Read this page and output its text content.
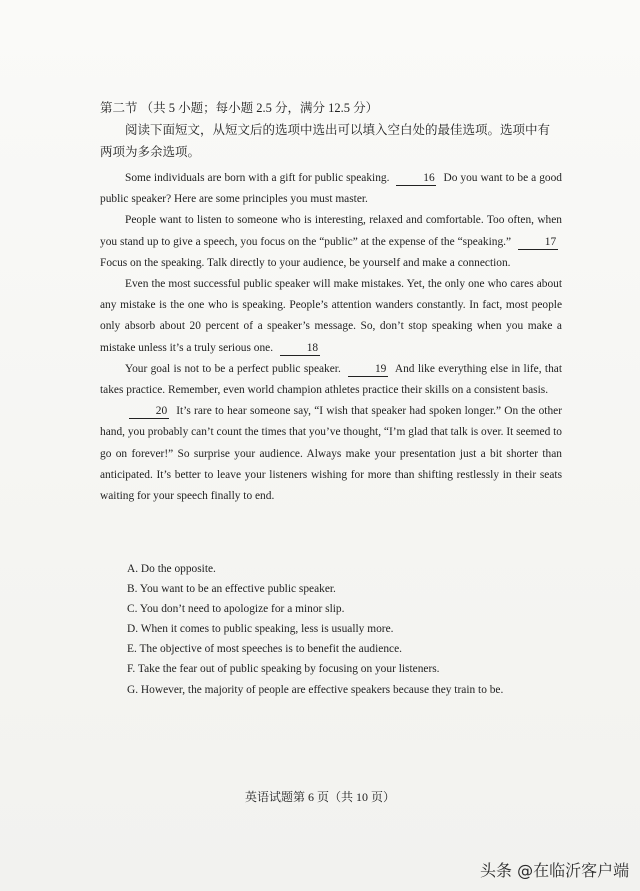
第二节 （共 5 小题；每小题 2.5 分，满分 12.5 分）

阅读下面短文，从短文后的选项中选出可以填入空白处的最佳选项。选项中有两项为多余选项。

Some individuals are born with a gift for public speaking.	16 Do you want to be a good public speaker? Here are some principles you must master.

People want to listen to someone who is interesting, relaxed and comfortable. Too often, when you stand up to give a speech, you focus on the “public” at the expense of the “speaking.”	17 Focus on the speaking. Talk directly to your audience, be yourself and make a connection.

Even the most successful public speaker will make mistakes. Yet, the only one who cares about any mistake is the one who is speaking. People’s attention wanders constantly. In fact, most people only absorb about 20 percent of a speaker’s message. So, don’t stop speaking when you make a mistake unless it’s a truly serious one.	18

Your goal is not to be a perfect public speaker.	19 And like everything else in life, that takes practice. Remember, even world champion athletes practice their skills on a consistent basis.

20 It’s rare to hear someone say, “I wish that speaker had spoken longer.” On the other hand, you probably can’t count the times that you’ve thought, “I’m glad that talk is over. It seemed to go on forever!” So surprise your audience. Always make your presentation just a bit shorter than anticipated. It’s better to leave your listeners wishing for more than shifting restlessly in their seats waiting for your speech finally to end.

A. Do the opposite.
B. You want to be an effective public speaker.
C. You don’t need to apologize for a minor slip.
D. When it comes to public speaking, less is usually more.
E. The objective of most speeches is to benefit the audience.
F. Take the fear out of public speaking by focusing on your listeners.
G. However, the majority of people are effective speakers because they train to be.
英语试题第 6 页（共 10 页）
头条 @在临沂客户端
